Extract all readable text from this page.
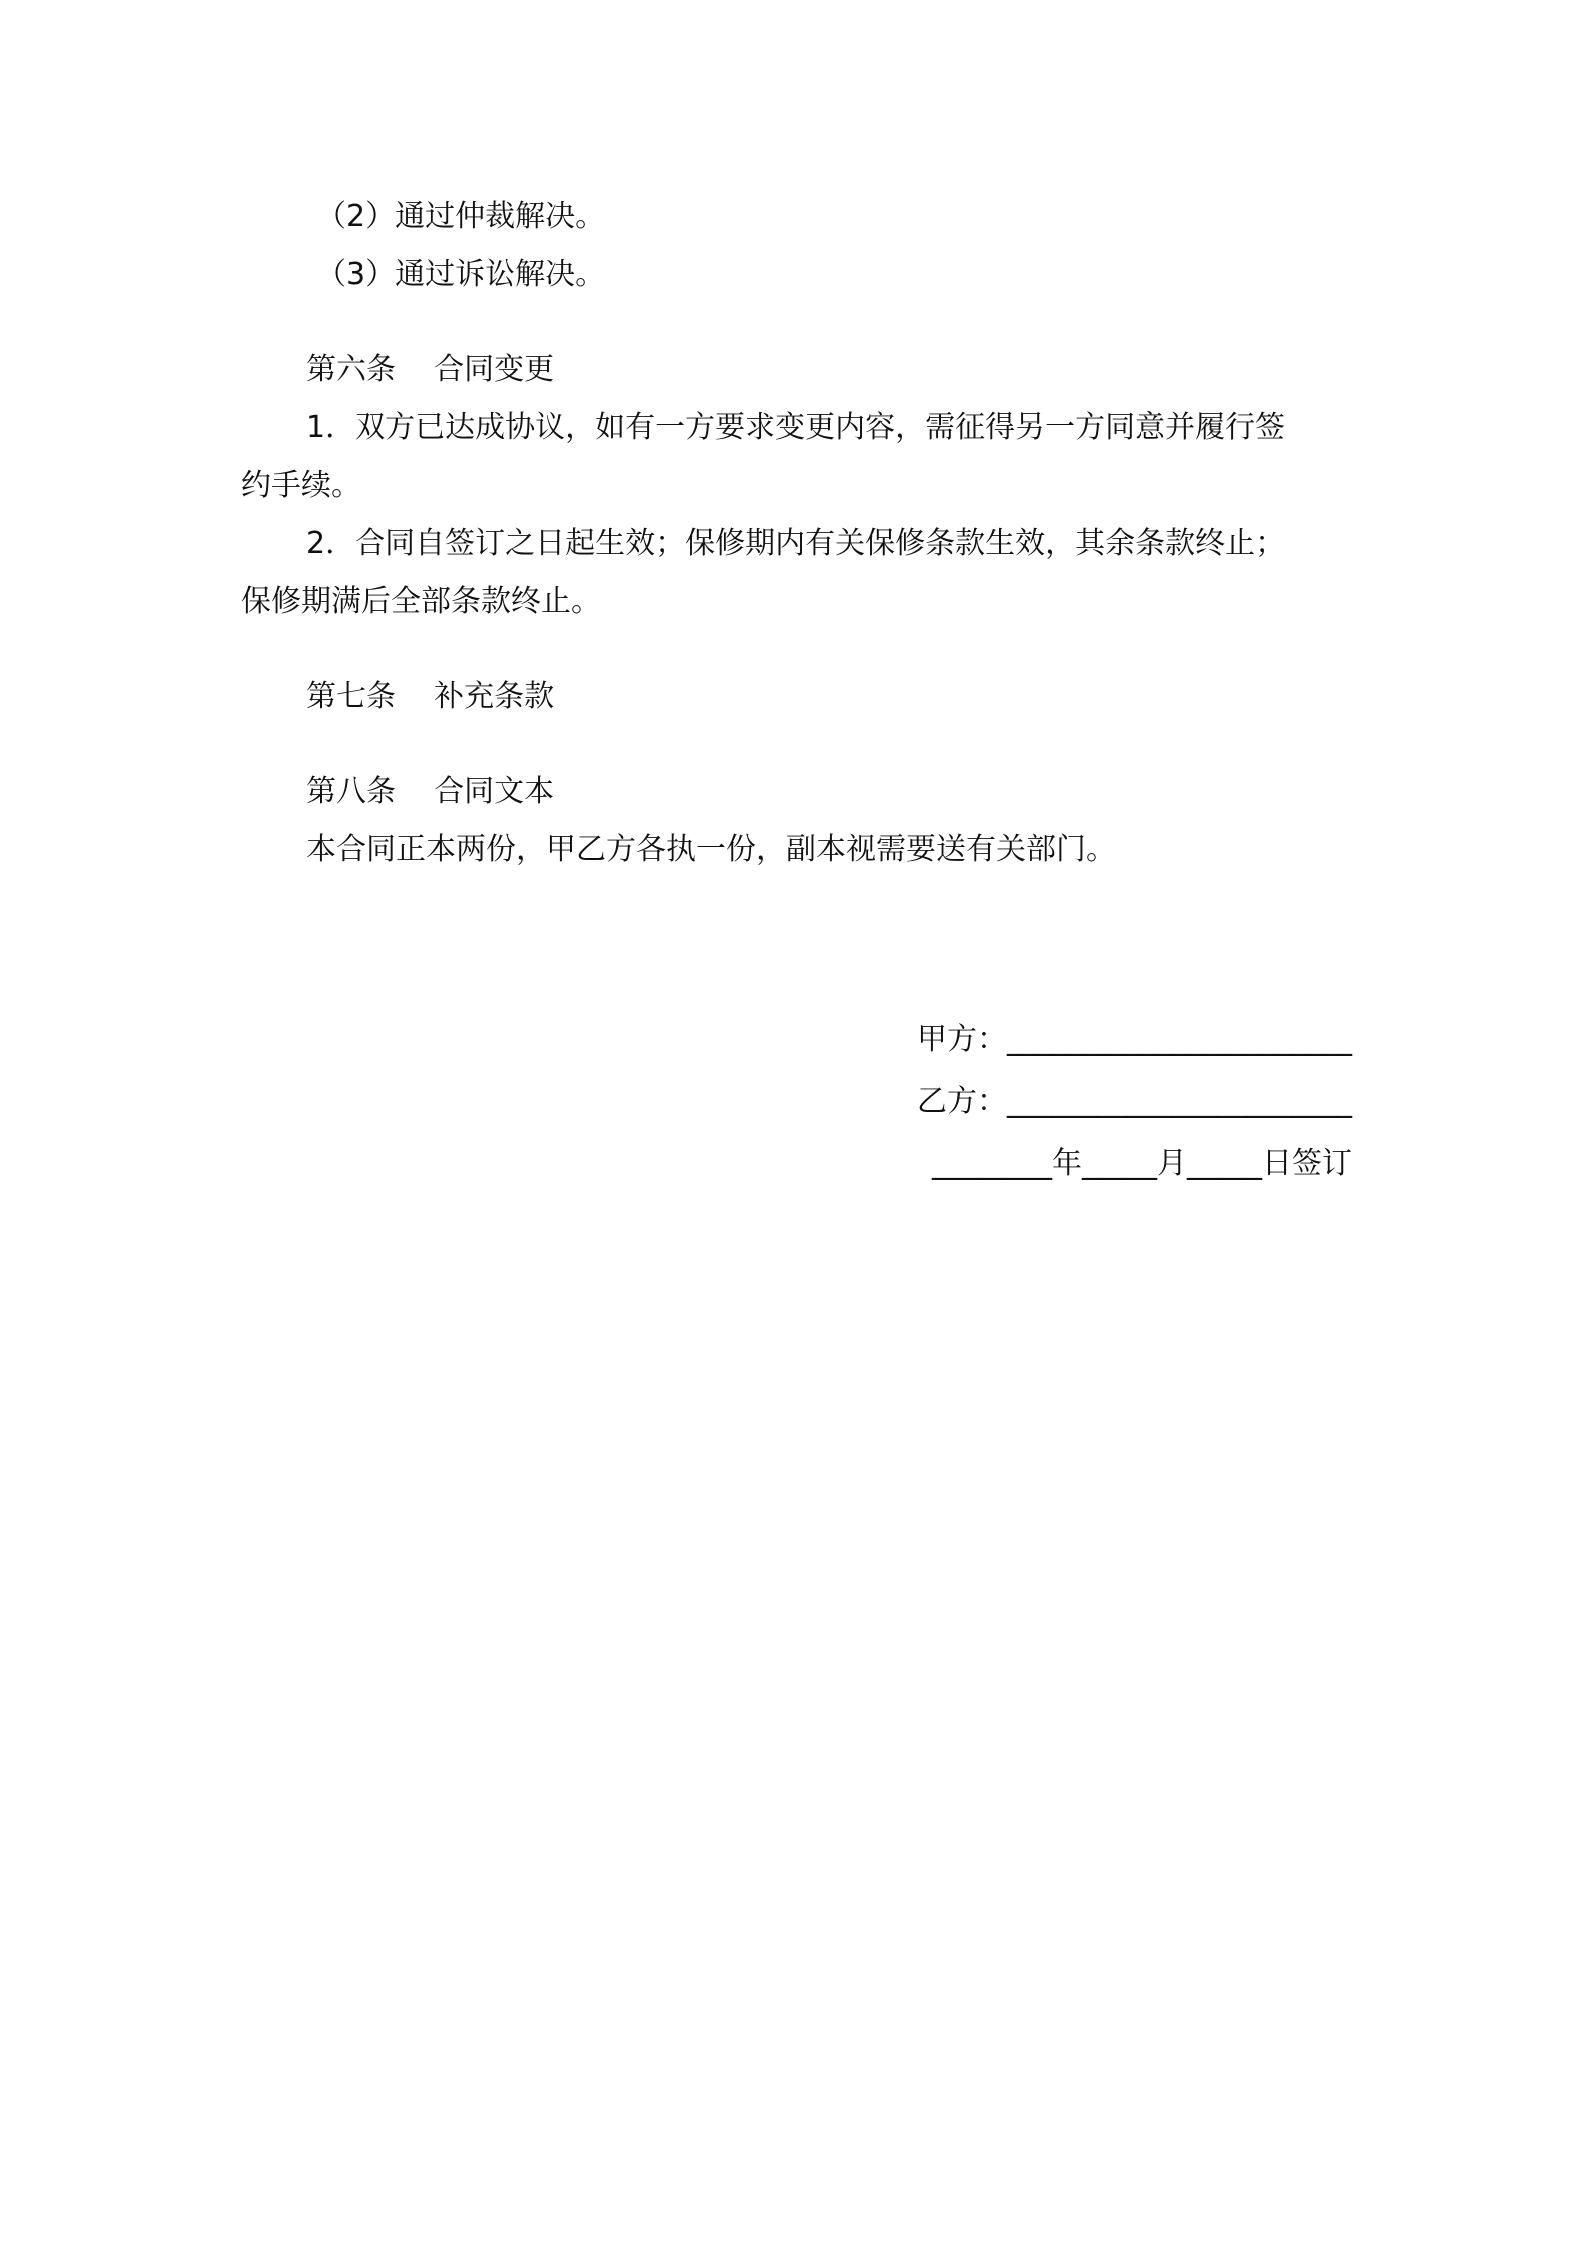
（2）通过仲裁解决。
（3）通过诉讼解决。
第六条    合同变更
1．双方已达成协议，如有一方要求变更内容，需征得另一方同意并履行签
约手续。
2．合同自签订之日起生效；保修期内有关保修条款生效，其余条款终止；
保修期满后全部条款终止。
第七条    补充条款
第八条    合同文本
本合同正本两份，甲乙方各执一份，副本视需要送有关部门。
甲方：_______________________
乙方：_______________________
________年_____月_____日签订
